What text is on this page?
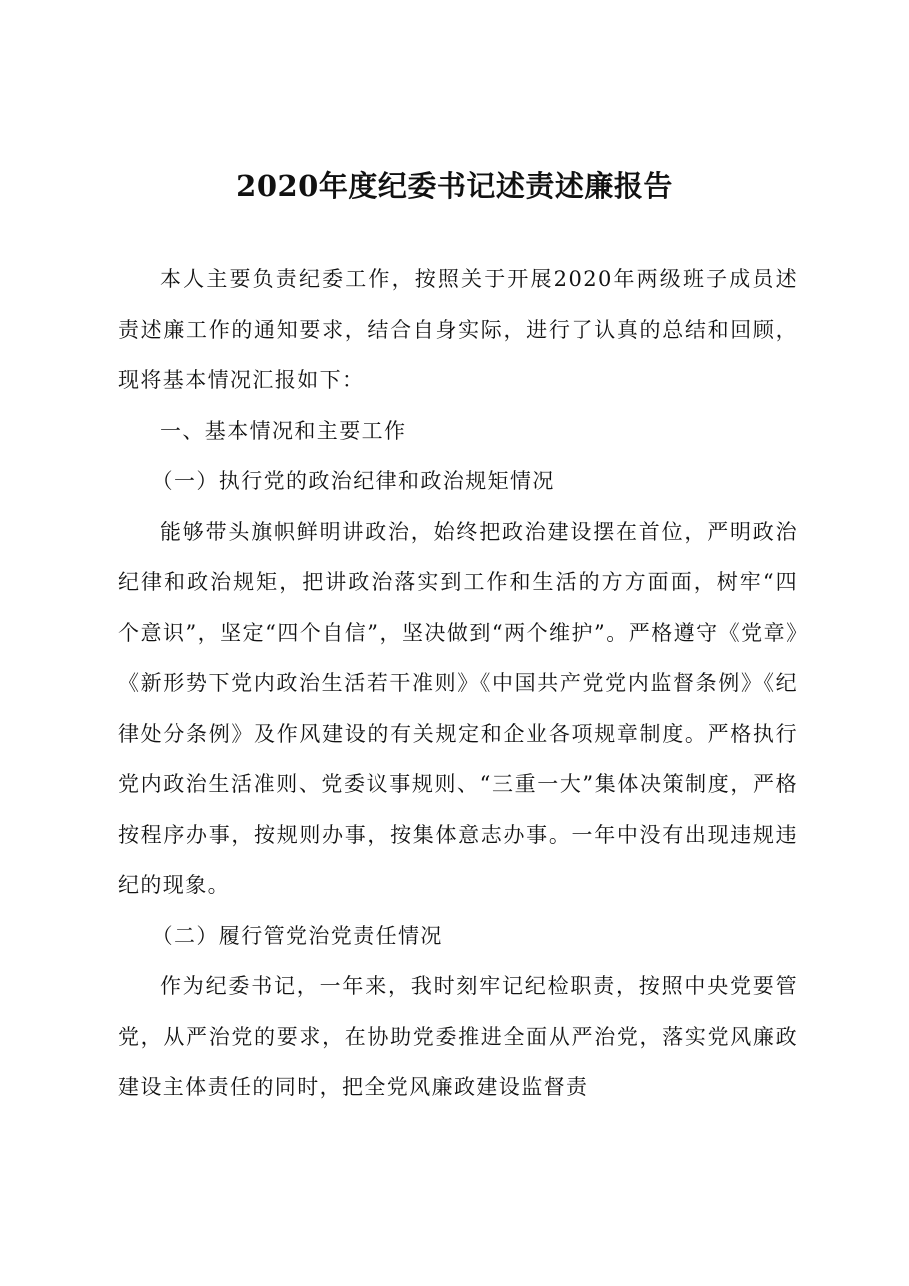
2020年度纪委书记述责述廉报告

本人主要负责纪委工作，按照关于开展2020年两级班子成员述责述廉工作的通知要求，结合自身实际，进行了认真的总结和回顾，现将基本情况汇报如下：

一、基本情况和主要工作

（一）执行党的政治纪律和政治规矩情况

能够带头旗帜鲜明讲政治，始终把政治建设摆在首位，严明政治纪律和政治规矩，把讲政治落实到工作和生活的方方面面，树牢“四个意识”，坚定“四个自信”，坚决做到“两个维护”。严格遵守《党章》《新形势下党内政治生活若干准则》《中国共产党党内监督条例》《纪律处分条例》及作风建设的有关规定和企业各项规章制度。严格执行党内政治生活准则、党委议事规则、“三重一大”集体决策制度，严格按程序办事，按规则办事，按集体意志办事。一年中没有出现违规违纪的现象。

（二）履行管党治党责任情况

作为纪委书记，一年来，我时刻牢记纪检职责，按照中央党要管党，从严治党的要求，在协助党委推进全面从严治党，落实党风廉政建设主体责任的同时，把全党风廉政建设监督责
